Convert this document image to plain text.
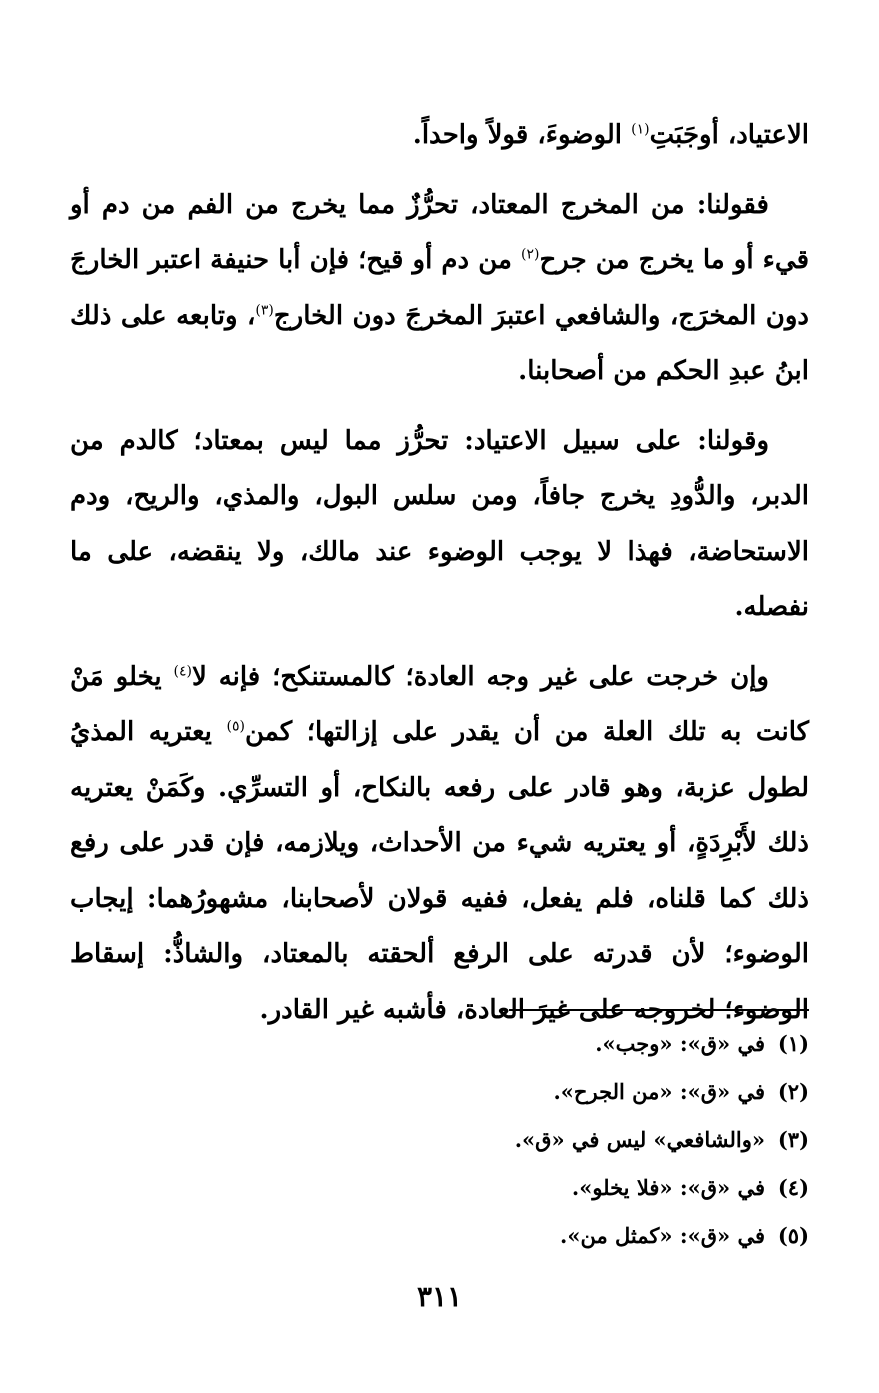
الاعتياد، أوجَبَتِ$^{(١)}$ الوضوءَ، قولاً واحداً.

فقولنا: من المخرج المعتاد، تحرُّزٌ مما يخرج من الفم من دم أو قيء أو ما يخرج من جرح$^{(٢)}$ من دم أو قيح؛ فإن أبا حنيفة اعتبر الخارجَ دون المخرَج، والشافعي اعتبرَ المخرجَ دون الخارج$^{(٣)}$، وتابعه على ذلك ابنُ عبدِ الحكم من أصحابنا.

وقولنا: على سبيل الاعتياد: تحرُّز مما ليس بمعتاد؛ كالدم من الدبر، والدُّودِ يخرج جافاً، ومن سلس البول، والمذي، والريح، ودم الاستحاضة، فهذا لا يوجب الوضوء عند مالك، ولا ينقضه، على ما نفصله.

وإن خرجت على غير وجه العادة؛ كالمستنكح؛ فإنه لا$^{(٤)}$ يخلو مَنْ كانت به تلك العلة من أن يقدر على إزالتها؛ كمن$^{(٥)}$ يعتريه المذيُ لطول عزبة، وهو قادر على رفعه بالنكاح، أو التسرِّي. وكَمَنْ يعتريه ذلك لأَبْرِدَةٍ، أو يعتريه شيء من الأحداث، ويلازمه، فإن قدر على رفع ذلك كما قلناه، فلم يفعل، ففيه قولان لأصحابنا، مشهورُهما: إيجاب الوضوء؛ لأن قدرته على الرفع ألحقته بالمعتاد، والشاذُّ: إسقاط الوضوء؛ لخروجه على غيرَ العادة، فأشبه غير القادر.

(١)
في «ق»: «وجب».
(٢)
في «ق»: «من الجرح».
(٣)
«والشافعي» ليس في «ق».
(٤)
في «ق»: «فلا يخلو».
(٥)
في «ق»: «كمثل من».
٣١١
